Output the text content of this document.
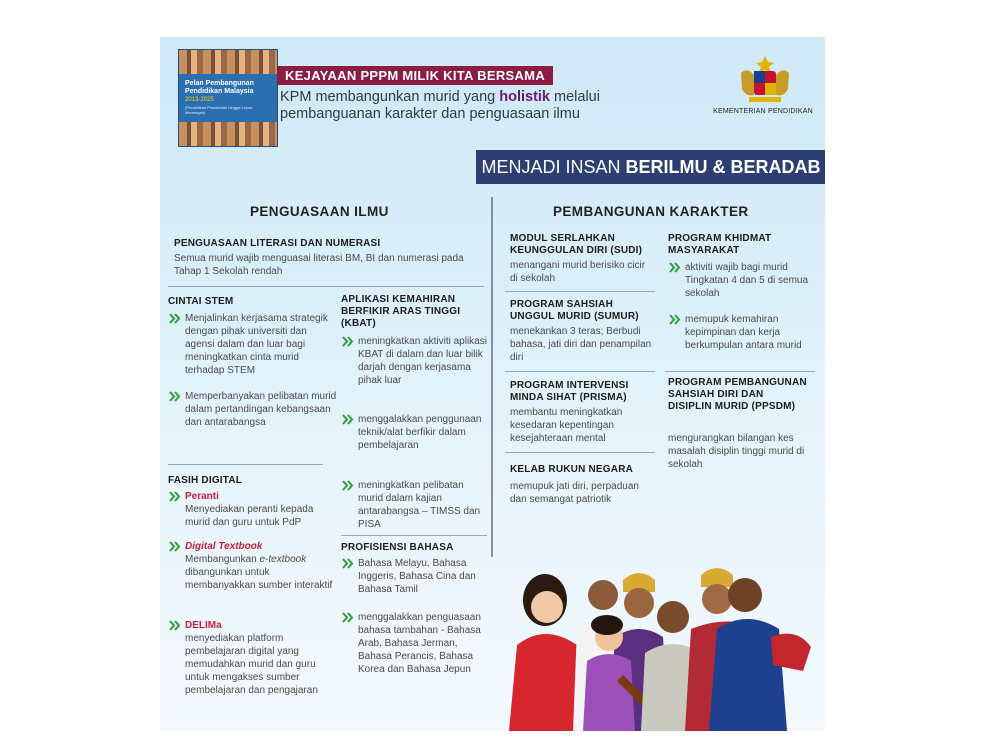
Pelan Pembangunan Pendidikan Malaysia
2013-2025
(Pendidikan Prasekolah hingga Lepas Menengah)
KEJAYAAN PPPM MILIK KITA BERSAMA
KPM membangunkan murid yang holistik melalui pembanguanan karakter dan penguasaan ilmu	KEMENTERIAN PENDIDIKAN
MENJADI INSAN BERILMU & BERADAB
PENGUASAAN ILMU	PEMBANGUNAN KARAKTER
PENGUASAAN LITERASI DAN NUMERASI
Semua murid wajib menguasai literasi BM, BI dan numerasi pada Tahap 1 Sekolah rendah
CINTAI STEM
Menjalinkan kerjasama strategik dengan pihak universiti dan agensi dalam dan luar bagi meningkatkan cinta murid terhadap STEM
Memperbanyakan pelibatan murid dalam pertandingan kebangsaan dan antarabangsa
FASIH DIGITAL
Peranti
Menyediakan peranti kepada murid dan guru untuk PdP
Digital Textbook
Membangunkan e-textbook dibangunkan untuk membanyakkan sumber interaktif
DELIMa
menyediakan platform pembelajaran digital yang memudahkan murid dan guru untuk mengakses sumber pembelajaran dan pengajaran
APLIKASI KEMAHIRAN BERFIKIR ARAS TINGGI (KBAT)
meningkatkan aktiviti aplikasi KBAT di dalam dan luar bilik darjah dengan kerjasama pihak luar
menggalakkan penggunaan teknik/alat berfikir dalam pembelajaran
meningkatkan pelibatan murid dalam kajian antarabangsa – TIMSS dan PISA
PROFISIENSI BAHASA
Bahasa Melayu, Bahasa Inggeris, Bahasa Cina dan Bahasa Tamil
menggalakkan penguasaan bahasa tambahan - Bahasa Arab, Bahasa Jerman, Bahasa Perancis, Bahasa Korea dan Bahasa Jepun
MODUL SERLAHKAN KEUNGGULAN DIRI (SUDI)
menangani murid berisiko cicir di sekolah
PROGRAM SAHSIAH UNGGUL MURID (SUMUR)
menekankan 3 teras; Berbudi bahasa, jati diri dan penampilan diri
PROGRAM INTERVENSI MINDA SIHAT (PRISMA)
membantu meningkatkan kesedaran kepentingan kesejahteraan mental
KELAB RUKUN NEGARA
memupuk jati diri, perpaduan dan semangat patriotik
PROGRAM KHIDMAT MASYARAKAT
aktiviti wajib bagi murid Tingkatan 4 dan 5 di semua sekolah
memupuk kemahiran kepimpinan dan kerja berkumpulan antara murid
PROGRAM PEMBANGUNAN SAHSIAH DIRI DAN DISIPLIN MURID (PPSDM)
mengurangkan bilangan kes masalah disiplin tinggi murid di sekolah
